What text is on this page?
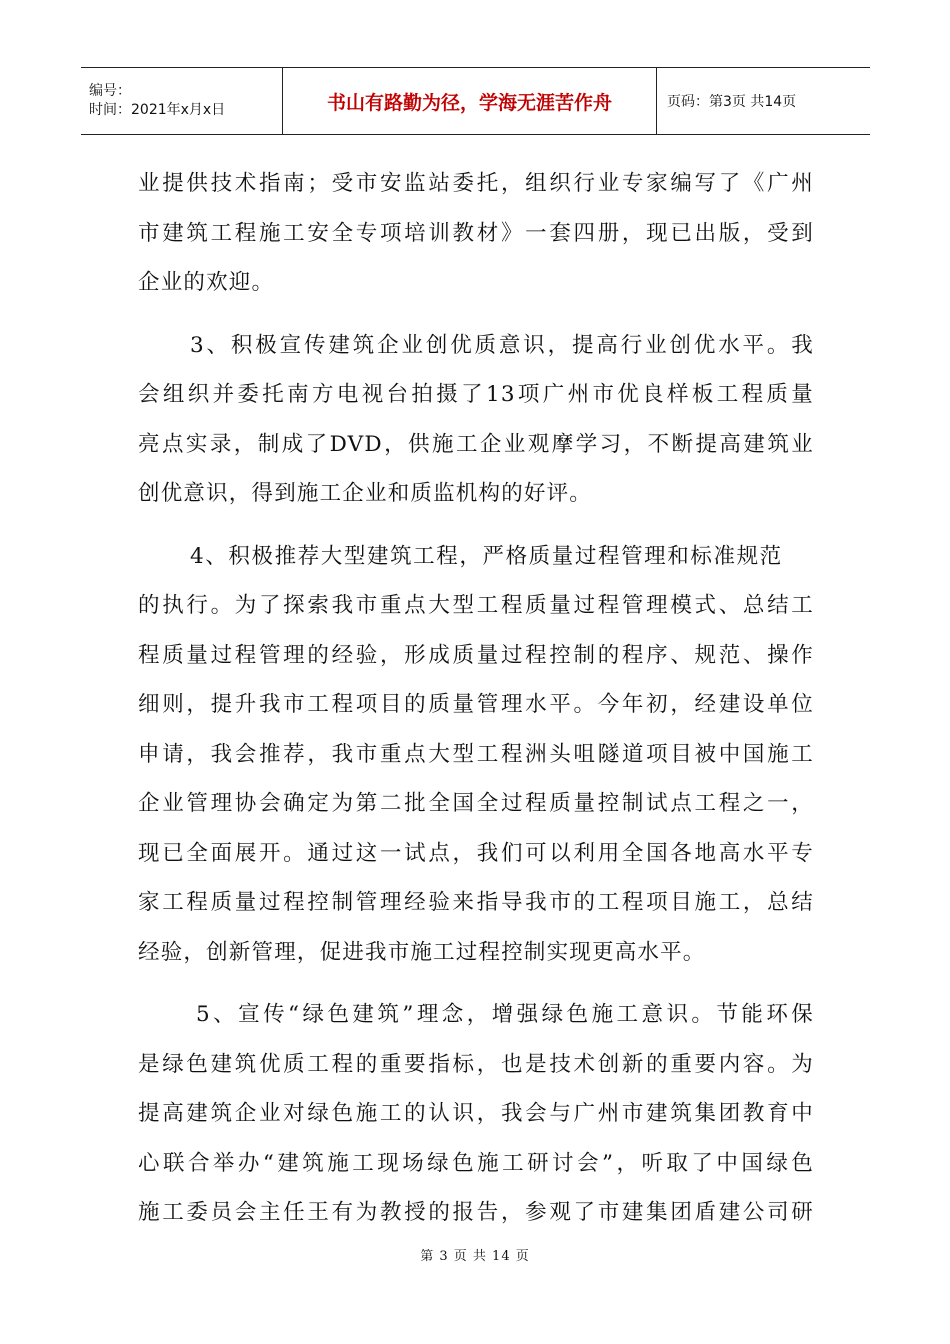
编号：
时间：2021年x月x日	书山有路勤为径，学海无涯苦作舟	页码：第3页 共14页
业提供技术指南；受市安监站委托，组织行业专家编写了《广州
市建筑工程施工安全专项培训教材》一套四册，现已出版，受到
企业的欢迎。
3、积极宣传建筑企业创优质意识，提高行业创优水平。我
会组织并委托南方电视台拍摄了13项广州市优良样板工程质量
亮点实录，制成了DVD，供施工企业观摩学习，不断提高建筑业
创优意识，得到施工企业和质监机构的好评。
4、积极推荐大型建筑工程，严格质量过程管理和标准规范
的执行。为了探索我市重点大型工程质量过程管理模式、总结工
程质量过程管理的经验，形成质量过程控制的程序、规范、操作
细则，提升我市工程项目的质量管理水平。今年初，经建设单位
申请，我会推荐，我市重点大型工程洲头咀隧道项目被中国施工
企业管理协会确定为第二批全国全过程质量控制试点工程之一，
现已全面展开。通过这一试点，我们可以利用全国各地高水平专
家工程质量过程控制管理经验来指导我市的工程项目施工，总结
经验，创新管理，促进我市施工过程控制实现更高水平。
5、宣传“绿色建筑”理念，增强绿色施工意识。节能环保
是绿色建筑优质工程的重要指标，也是技术创新的重要内容。为
提高建筑企业对绿色施工的认识，我会与广州市建筑集团教育中
心联合举办“建筑施工现场绿色施工研讨会”，听取了中国绿色
施工委员会主任王有为教授的报告，参观了市建集团盾建公司研
第 3 页 共 14 页
